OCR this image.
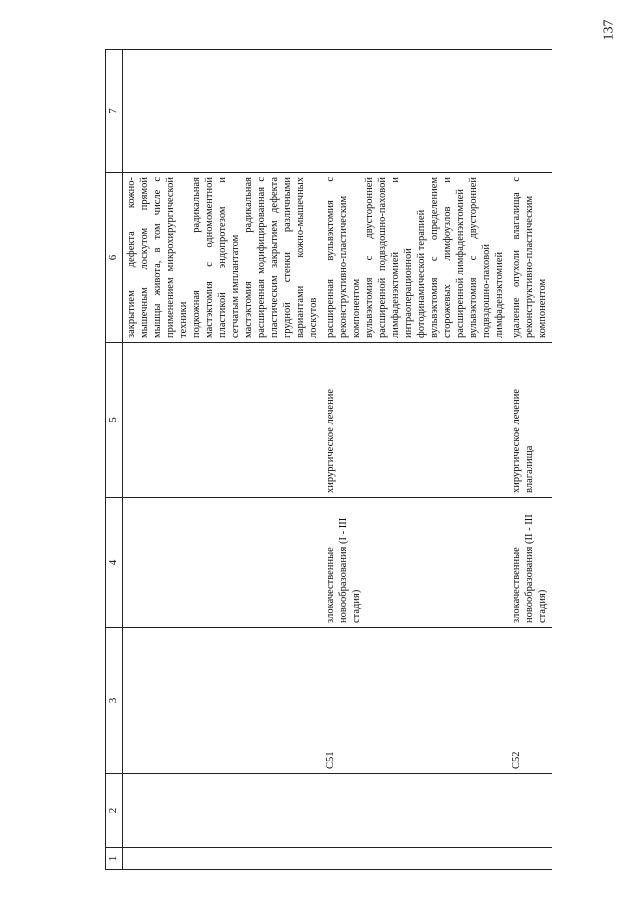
137
1	2	3	4	5	6	7

					закрытием дефекта кожно-мышечным лоскутом прямой мышцы живота, в том числе с применением микрохирургической техники подкожная радикальная мастэктомия с одномоментной пластикой эндопротезом и сетчатым имплантатом мастэктомия радикальная расширенная модифицированная с пластическим закрытием дефекта грудной стенки различными вариантами кожно-мышечных лоскутов	

		C51	злокачественные новообразования (I - III стадия)	хирургическое лечение	расширенная вульвэктомия с реконструктивно-пластическим компонентом вульвэктомия с двусторонней расширенной подвздошно-паховой лимфаденэктомией и интраоперационной фотодинамической терапией вульвэктомия с определением сторожевых лимфоузлов и расширенной лимфаденэктомией вульвэктомия с двусторонней подвздошно-паховой лимфаденэктомией	

		C52	злокачественные новообразования (II - III стадия)	хирургическое лечение влагалища	удаление опухоли влагалища с реконструктивно-пластическим компонентом	
